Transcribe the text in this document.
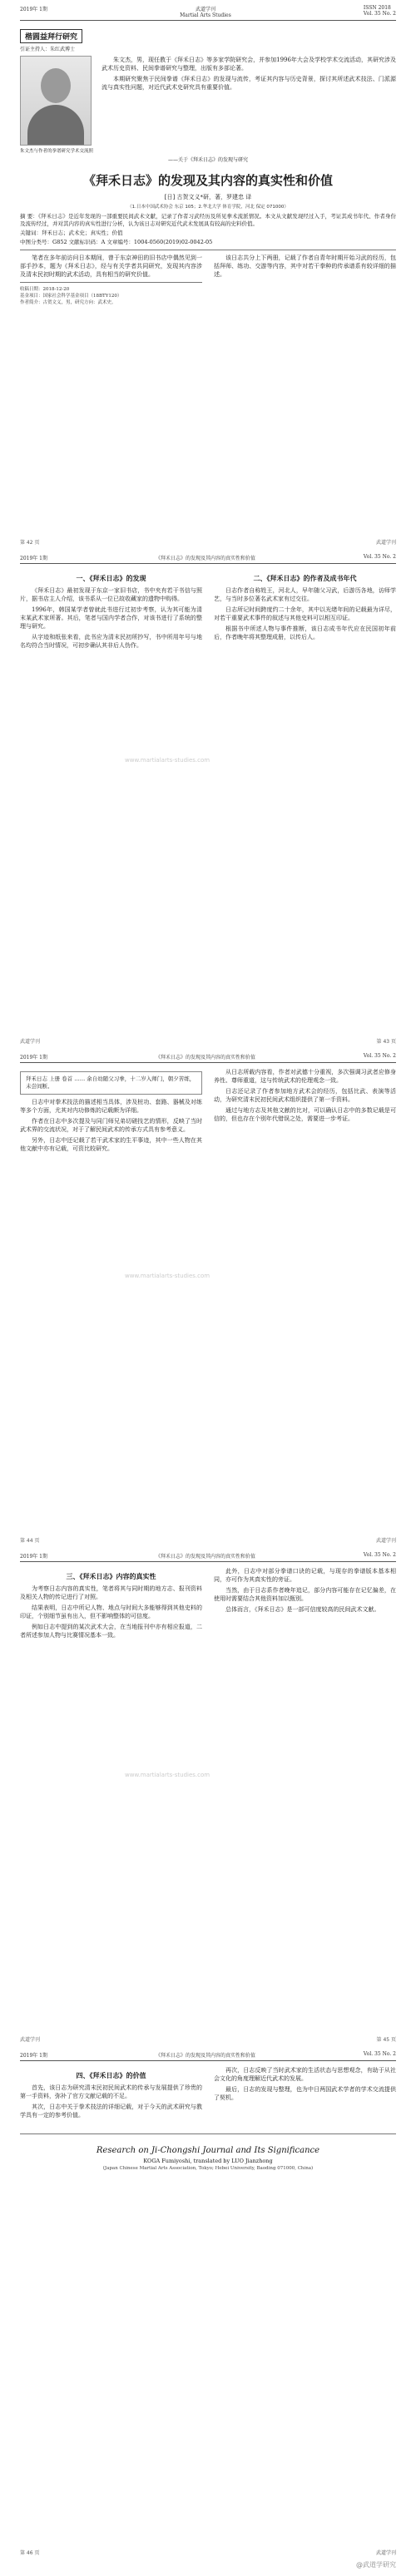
2019年 1期	武道学刊
Martial Arts Studies
ISSN 2018
Vol. 35 No. 2
楷圆益拜行研究
引证主持人：朱红武博士
朱文杰与作者的拳谱研究学术交流照

朱文杰，男，现任教于《拜禾日志》等多家学院研究会，并参加1996年大会及学校学术交流活动，其研究涉及武术历史资料、民间拳谱研究与整理，出版有多部论著。

本期研究聚焦于民间拳谱《拜禾日志》的发现与流传，考证其内容与历史背景，探讨其所述武术技法、门派源流与真实性问题，对近代武术史研究具有重要价值。

——关于《拜禾日志》的发现与研究
《拜禾日志》的发现及其内容的真实性和价值
[日] 古贺文义*研，著，罗建忠 译
（1.日本中国武术协会 东京 105；2.华北大学 体育学院，河北 保定 071000）
摘 要：《拜禾日志》是近年发现的一部重要民间武术文献，记录了作者习武经历及所见拳术流派情况。本文从文献发现经过入手，考证其成书年代、作者身份及流传经过，并对其内容的真实性进行分析，认为该日志对研究近代武术发展具有较高的史料价值。
关键词：拜禾日志；武术史；真实性；价值
中图分类号：G852 文献标识码：A 文章编号：1004-0560(2019)02-0042-05

笔者在多年前访问日本期间，曾于东京神田的旧书店中偶然见到一部手抄本，题为《拜禾日志》，经与有关学者共同研究，发现其内容涉及清末民初时期的武术活动，具有相当的研究价值。

收稿日期：2018-12-20
基金项目：国家社会科学基金项目（18BTY120）
作者简介：古贺文义，男，研究方向：武术史。

该日志共分上下两册，记载了作者自青年时期开始习武的经历，包括拜师、练功、交游等内容，其中对若干拳种的传承谱系有较详细的描述。

第 42 页	武道学刊
2019年 1期	《拜禾日志》的发现及其内容的真实性和价值	Vol. 35 No. 2
一、《拜禾日志》的发现

《拜禾日志》最初发现于东京一家旧书店，书中夹有若干书信与照片，据书店主人介绍，该书系从一位已故收藏家的遗物中购得。

1996年，韩国某学者曾就此书进行过初步考察，认为其可能为清末某武术家所著。其后，笔者与国内学者合作，对该书进行了系统的整理与研究。

从字迹和纸张来看，此书应为清末民初所抄写，书中所用年号与地名均符合当时情况，可初步确认其非后人伪作。

二、《拜禾日志》的作者及成书年代

日志作者自称姓王，河北人，早年随父习武，后游历各地，访师学艺，与当时多位著名武术家有过交往。

日志所记时间跨度约二十余年，其中以光绪年间的记载最为详尽，对若干重要武术事件的叙述与其他史料可以相互印证。

根据书中所述人物与事件推断，该日志成书年代应在民国初年前后，作者晚年将其整理成册，以传后人。

www.martialarts-studies.com
武道学刊	第 43 页
2019年 1期	《拜禾日志》的发现及其内容的真实性和价值	Vol. 35 No. 2
拜禾日志 上册 卷首 …… 余自幼随父习拳，十二岁入师门，朝夕苦练，未尝间断。

日志中对拳术技法的描述相当具体，涉及桩功、套路、器械及对练等多个方面，尤其对内功修炼的记载颇为详细。

作者在日志中多次提及与同门师兄弟切磋技艺的情形，反映了当时武术界的交流状况，对于了解民间武术的传承方式具有参考意义。

另外，日志中还记载了若干武术家的生平事迹，其中一些人物在其他文献中亦有记载，可资比较研究。

从日志所载内容看，作者对武德十分重视，多次强调习武者应修身养性、尊师重道，这与传统武术的伦理观念一致。

日志还记录了作者参加地方武术会的经历，包括比武、表演等活动，为研究清末民初民间武术组织提供了第一手资料。

通过与地方志及其他文献的比对，可以确认日志中的多数记载是可信的，但也存在个别年代错误之处，需要进一步考证。

www.martialarts-studies.com
第 44 页	武道学刊
2019年 1期	《拜禾日志》的发现及其内容的真实性和价值	Vol. 35 No. 2
三、《拜禾日志》内容的真实性

为考察日志内容的真实性，笔者将其与同时期的地方志、报刊资料及相关人物的传记进行了对照。

结果表明，日志中所记人物、地点与时间大多能够得到其他史料的印证，个别细节虽有出入，但不影响整体的可信度。

例如日志中提到的某次武术大会，在当地报刊中亦有相应报道，二者所述参加人物与比赛情况基本一致。

此外，日志中对部分拳谱口诀的记载，与现存的拳谱版本基本相同，亦可作为其真实性的旁证。

当然，由于日志系作者晚年追记，部分内容可能存在记忆偏差，在使用时需要结合其他资料加以甄别。

总体而言，《拜禾日志》是一部可信度较高的民间武术文献。

www.martialarts-studies.com
武道学刊	第 45 页
2019年 1期	《拜禾日志》的发现及其内容的真实性和价值	Vol. 35 No. 2
四、《拜禾日志》的价值

首先，该日志为研究清末民初民间武术的传承与发展提供了珍贵的第一手资料，弥补了官方文献记载的不足。

其次，日志中关于拳术技法的详细记载，对于今天的武术研究与教学具有一定的参考价值。

再次，日志反映了当时武术家的生活状态与思想观念，有助于从社会文化的角度理解近代武术的发展。

最后，日志的发现与整理，也为中日两国武术学者的学术交流提供了契机。

Research on Ji-Chongshi Journal and Its Significance
KOGA Fumiyoshi, translated by LUO Jianzhong
(Japan Chinese Martial Arts Association, Tokyo; Hebei University, Baoding 071000, China)
@武道学研究
第 46 页	武道学刊
